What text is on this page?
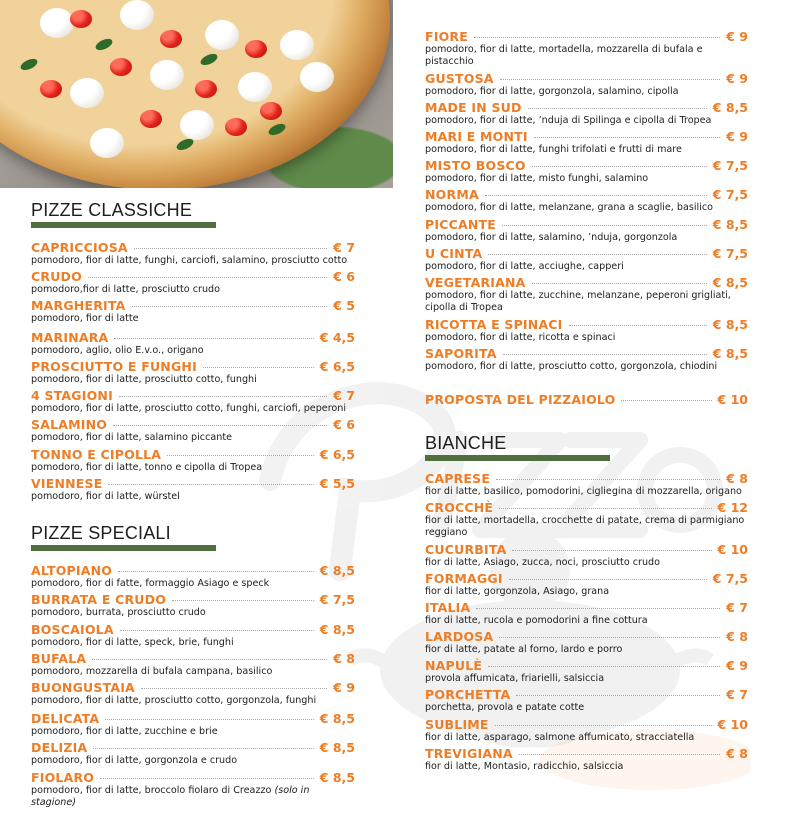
PIZZE CLASSICHE
PIZZE SPECIALI
BIANCHE
CAPRICCIOSA	€ 7
pomodoro, fior di latte, funghi, carciofi, salamino, prosciutto cotto
CRUDO	€ 6
pomodoro,fior di latte, prosciutto crudo
MARGHERITA	€ 5
pomodoro, fior di latte
MARINARA	€ 4,5
pomodoro, aglio, olio E.v.o., origano
PROSCIUTTO E FUNGHI	€ 6,5
pomodoro, fior di latte, prosciutto cotto, funghi
4 STAGIONI	€ 7
pomodoro, fior di latte, prosciutto cotto, funghi, carciofi, peperoni
SALAMINO	€ 6
pomodoro, fior di latte, salamino piccante
TONNO E CIPOLLA	€ 6,5
pomodoro, fior di latte, tonno e cipolla di Tropea
VIENNESE	€ 5,5
pomodoro, fior di latte, würstel
ALTOPIANO	€ 8,5
pomodoro, fior di fatte, formaggio Asiago e speck
BURRATA E CRUDO	€ 7,5
pomodoro, burrata, prosciutto crudo
BOSCAIOLA	€ 8,5
pomodoro, fior di latte, speck, brie, funghi
BUFALA	€ 8
pomodoro, mozzarella di bufala campana, basilico
BUONGUSTAIA	€ 9
pomodoro, fior di latte, prosciutto cotto, gorgonzola, funghi
DELICATA	€ 8,5
pomodoro, fior di latte, zucchine e brie
DELIZIA	€ 8,5
pomodoro, fior di latte, gorgonzola e crudo
FIOLARO	€ 8,5
pomodoro, fior di latte, broccolo fiolaro di Creazzo (solo in stagione)
FIORE	€ 9
pomodoro, fior di latte, mortadella, mozzarella di bufala e pistacchio
GUSTOSA	€ 9
pomodoro, fior di latte, gorgonzola, salamino, cipolla
MADE IN SUD	€ 8,5
pomodoro, fior di latte, ’nduja di Spilinga e cipolla di Tropea
MARI E MONTI	€ 9
pomodoro, fior di latte, funghi trifolati e frutti di mare
MISTO BOSCO	€ 7,5
pomodoro, fior di latte, misto funghi, salamino
NORMA	€ 7,5
pomodoro, fior di latte, melanzane, grana a scaglie, basilico
PICCANTE	€ 8,5
pomodoro, fior di latte, salamino, ’nduja, gorgonzola
U CINTA	€ 7,5
pomodoro, fior di latte, acciughe, capperi
VEGETARIANA	€ 8,5
pomodoro, fior di latte, zucchine, melanzane, peperoni grigliati, cipolla di Tropea
RICOTTA E SPINACI	€ 8,5
pomodoro, fior di latte, ricotta e spinaci
SAPORITA	€ 8,5
pomodoro, fior di latte, prosciutto cotto, gorgonzola, chiodini
PROPOSTA DEL PIZZAIOLO	€ 10
CAPRESE	€ 8
fior di latte, basilico, pomodorini, cigliegina di mozzarella, origano
CROCCHÈ	€ 12
fior di latte, mortadella, crocchette di patate, crema di parmigiano reggiano
CUCURBITA	€ 10
fior di latte, Asiago, zucca, noci, prosciutto crudo
FORMAGGI	€ 7,5
fior di latte, gorgonzola, Asiago, grana
ITALIA	€ 7
fior di latte, rucola e pomodorini a fine cottura
LARDOSA	€ 8
fior di latte, patate al forno, lardo e porro
NAPULÈ	€ 9
provola affumicata, friarielli, salsiccia
PORCHETTA	€ 7
porchetta, provola e patate cotte
SUBLIME	€ 10
fior di latte, asparago, salmone affumicato, stracciatella
TREVIGIANA	€ 8
fior di latte, Montasio, radicchio, salsiccia
